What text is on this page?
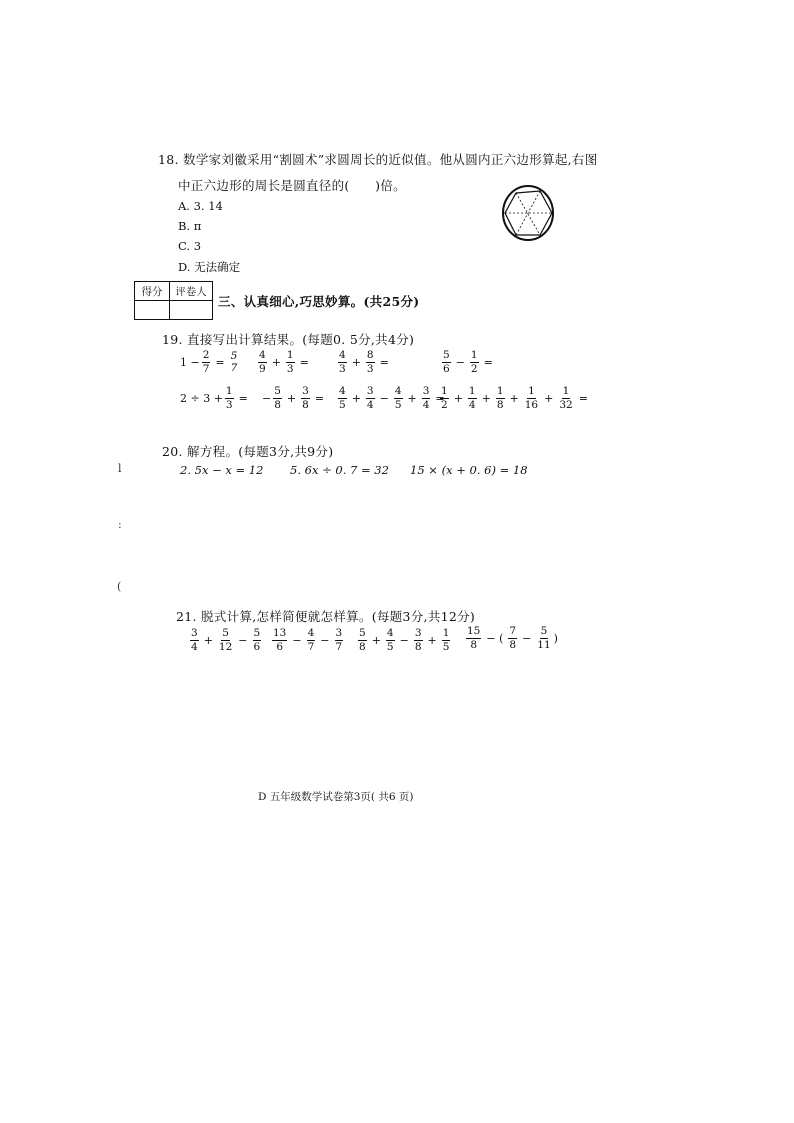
18. 数学家刘徽采用“割圆术”求圆周长的近似值。他从圆内正六边形算起,右图
中正六边形的周长是圆直径的(　　)倍。
A. 3. 14
B. π
C. 3
D. 无法确定
得分	评卷人

三、认真细心,巧思妙算。(共25分)
19. 直接写出计算结果。(每题0. 5分,共4分)
$1 - \frac{2}{7} = 5$
$7 \frac{4}{9} + \frac{1}{3}$ =	$\frac{4}{3} + \frac{8}{3}$ =	$\frac{5}{6} - \frac{1}{2}$ =
$2 \div 3 + \frac{1}{3}$ = − $\frac{5}{8} + \frac{3}{8} = \frac{4}{5} + \frac{3}{4} - \frac{4}{5} + \frac{3}{4}$ =
$\frac{1}{2} + \frac{1}{4} + \frac{1}{8} + \frac{1}{16} + \frac{1}{32}$ =
20. 解方程。(每题3分,共9分)
2. 5x − x = 12 5. 6x ÷ 0. 7 = 32 15 × (x + 0. 6) = 18
l
:
(
21. 脱式计算,怎样简便就怎样算。(每题3分,共12分)
$\frac{3}{4} + \frac{5}{12} - \frac{5}{6} \frac{13}{6} - \frac{4}{7} - \frac{3}{7} \frac{5}{8} + \frac{4}{5} - \frac{3}{8} + \frac{1}{5} \frac{15}{8}$ − ( $\frac{7}{8} - \frac{5}{11}$ )
D 五年级数学试卷第3页( 共6 页)
